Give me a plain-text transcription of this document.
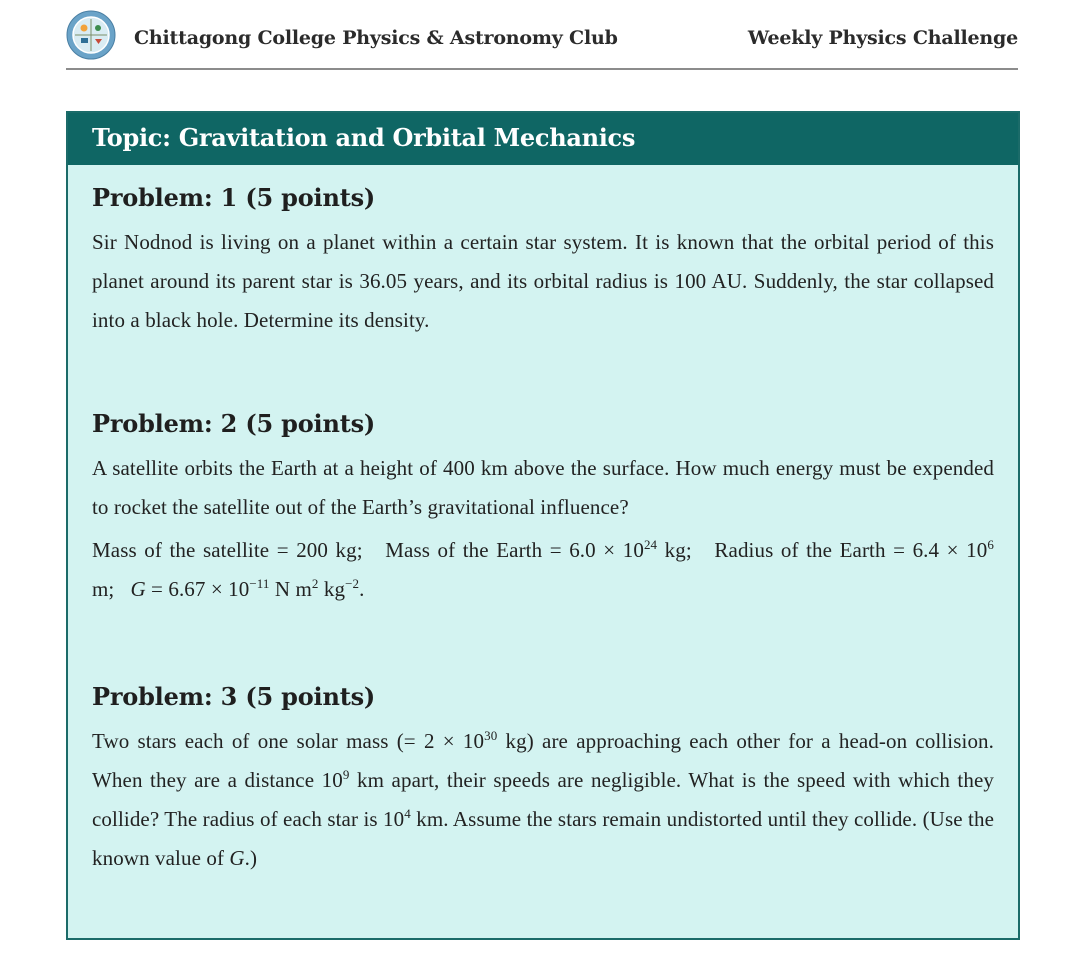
Chittagong College Physics & Astronomy Club	Weekly Physics Challenge
Topic: Gravitation and Orbital Mechanics
Problem: 1 (5 points)
Sir Nodnod is living on a planet within a certain star system. It is known that the orbital period of this planet around its parent star is 36.05 years, and its orbital radius is 100 AU. Suddenly, the star collapsed into a black hole. Determine its density.
Problem: 2 (5 points)
A satellite orbits the Earth at a height of 400 km above the surface. How much energy must be expended to rocket the satellite out of the Earth’s gravitational influence?
Mass of the satellite = 200 kg; Mass of the Earth = $6.0 \times 10^{24}$ kg; Radius of the Earth = $6.4 \times 10^6$ m; $G = 6.67 \times 10^{-11}$ N $m^2$ $kg^{-2}$.
Problem: 3 (5 points)
Two stars each of one solar mass (= $2 \times 10^{30}$ kg) are approaching each other for a head-on collision. When they are a distance $10^9$ km apart, their speeds are negligible. What is the speed with which they collide? The radius of each star is $10^4$ km. Assume the stars remain undistorted until they collide. (Use the known value of G.)
